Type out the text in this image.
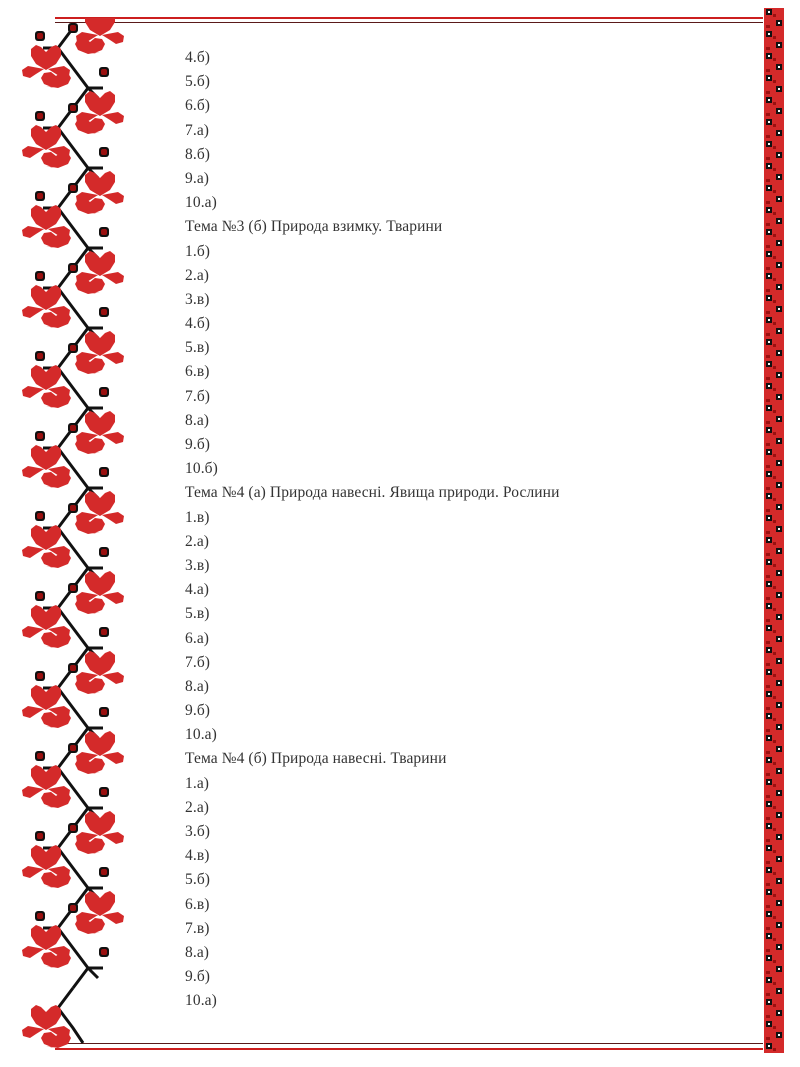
4.б)
5.б)
6.б)
7.а)
8.б)
9.а)
10.а)
Тема №3 (б) Природа взимку. Тварини
1.б)
2.а)
3.в)
4.б)
5.в)
6.в)
7.б)
8.а)
9.б)
10.б)
Тема №4 (а) Природа навесні. Явища природи. Рослини
1.в)
2.а)
3.в)
4.а)
5.в)
6.а)
7.б)
8.а)
9.б)
10.а)
Тема №4 (б) Природа навесні. Тварини
1.а)
2.а)
3.б)
4.в)
5.б)
6.в)
7.в)
8.а)
9.б)
10.а)
